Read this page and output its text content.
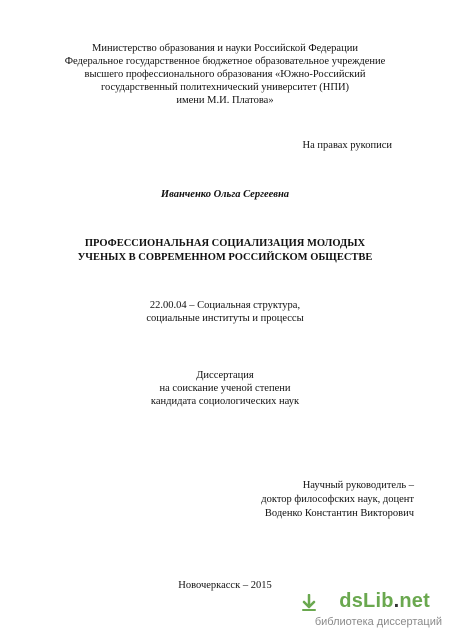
Министерство образования и науки Российской Федерации
Федеральное государственное бюджетное образовательное учреждение
высшего профессионального образования «Южно-Российский
государственный политехнический университет (НПИ)
имени М.И. Платова»
На правах рукописи
Иванченко Ольга Сергеевна
ПРОФЕССИОНАЛЬНАЯ СОЦИАЛИЗАЦИЯ МОЛОДЫХ
УЧЕНЫХ В СОВРЕМЕННОМ РОССИЙСКОМ ОБЩЕСТВЕ
22.00.04 – Социальная структура,
социальные институты и процессы
Диссертация
на соискание ученой степени
кандидата социологических наук
Научный руководитель –
доктор философских наук, доцент
Воденко Константин Викторович
Новочеркасск – 2015
dsLib.net
библиотека диссертаций
